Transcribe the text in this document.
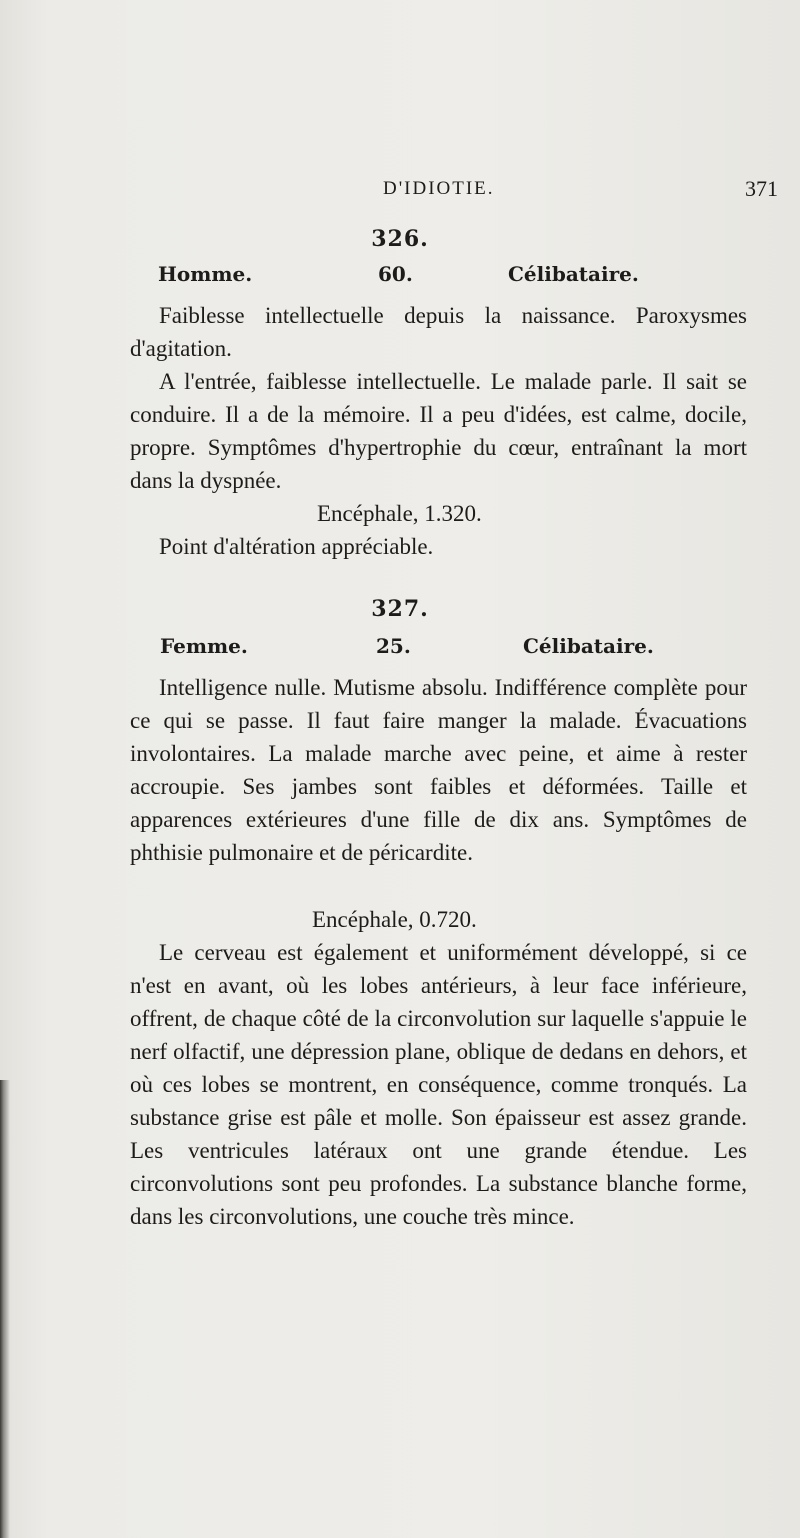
D'IDIOTIE.	371
326.
Homme.	60.	Célibataire.
Faiblesse intellectuelle depuis la naissance. Paroxysmes d'agitation.
A l'entrée, faiblesse intellectuelle. Le malade parle. Il sait se conduire. Il a de la mémoire. Il a peu d'idées, est calme, docile, propre. Symptômes d'hypertrophie du cœur, entraînant la mort dans la dyspnée.
Encéphale, 1.320.
Point d'altération appréciable.
327.
Femme.	25.	Célibataire.
Intelligence nulle. Mutisme absolu. Indifférence complète pour ce qui se passe. Il faut faire manger la malade. Évacuations involontaires. La malade marche avec peine, et aime à rester accroupie. Ses jambes sont faibles et déformées. Taille et apparences extérieures d'une fille de dix ans. Symptômes de phthisie pulmonaire et de péricardite.
Encéphale, 0.720.
Le cerveau est également et uniformément développé, si ce n'est en avant, où les lobes antérieurs, à leur face inférieure, offrent, de chaque côté de la circonvolution sur laquelle s'appuie le nerf olfactif, une dépression plane, oblique de dedans en dehors, et où ces lobes se montrent, en conséquence, comme tronqués. La substance grise est pâle et molle. Son épaisseur est assez grande. Les ventricules latéraux ont une grande étendue. Les circonvolutions sont peu profondes. La substance blanche forme, dans les circonvolutions, une couche très mince.
